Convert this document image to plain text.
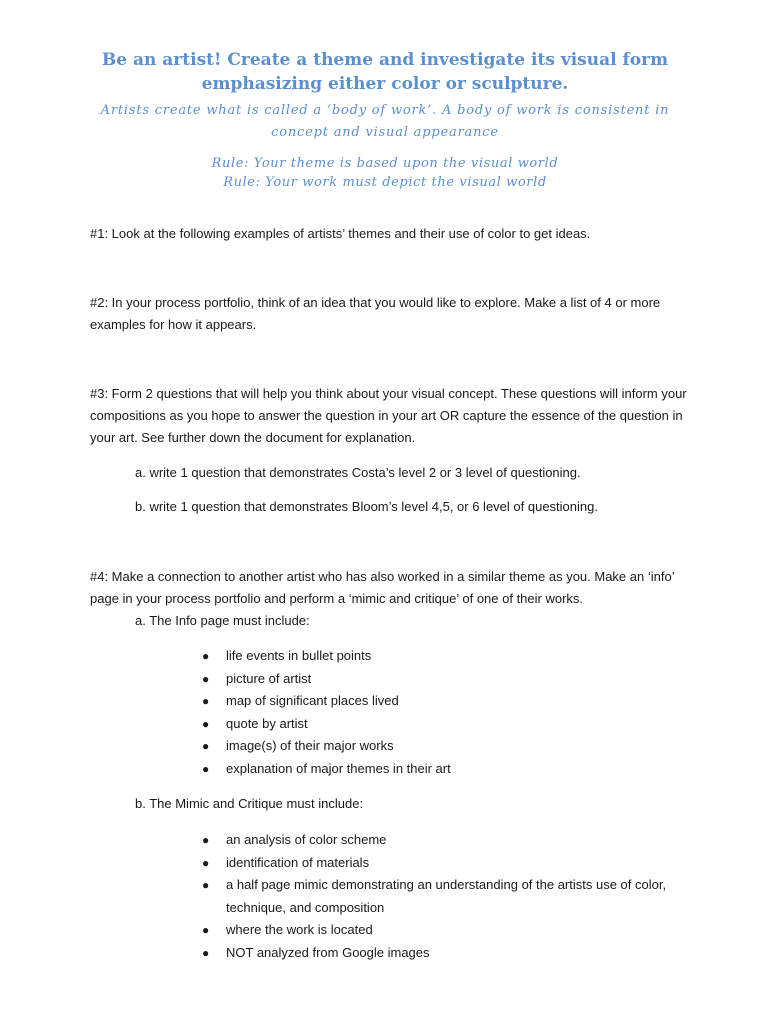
Be an artist! Create a theme and investigate its visual form
emphasizing either color or sculpture.
Artists create what is called a ‘body of work’. A body of work is consistent in concept and visual appearance
Rule: Your theme is based upon the visual world
Rule: Your work must depict the visual world
#1: Look at the following examples of artists’ themes and their use of color to get ideas.
#2: In your process portfolio, think of an idea that you would like to explore. Make a list of 4 or more examples for how it appears.
#3: Form 2 questions that will help you think about your visual concept. These questions will inform your compositions as you hope to answer the question in your art OR capture the essence of the question in your art. See further down the document for explanation.
a. write 1 question that demonstrates Costa’s level 2 or 3 level of questioning.
b. write 1 question that demonstrates Bloom’s level 4,5, or 6 level of questioning.
#4: Make a connection to another artist who has also worked in a similar theme as you. Make an ‘info’ page in your process portfolio and perform a ‘mimic and critique’ of one of their works.
a. The Info page must include:
● life events in bullet points
● picture of artist
● map of significant places lived
● quote by artist
● image(s) of their major works
● explanation of major themes in their art
b. The Mimic and Critique must include:
● an analysis of color scheme
● identification of materials
● a half page mimic demonstrating an understanding of the artists use of color, technique, and composition
● where the work is located
● NOT analyzed from Google images
